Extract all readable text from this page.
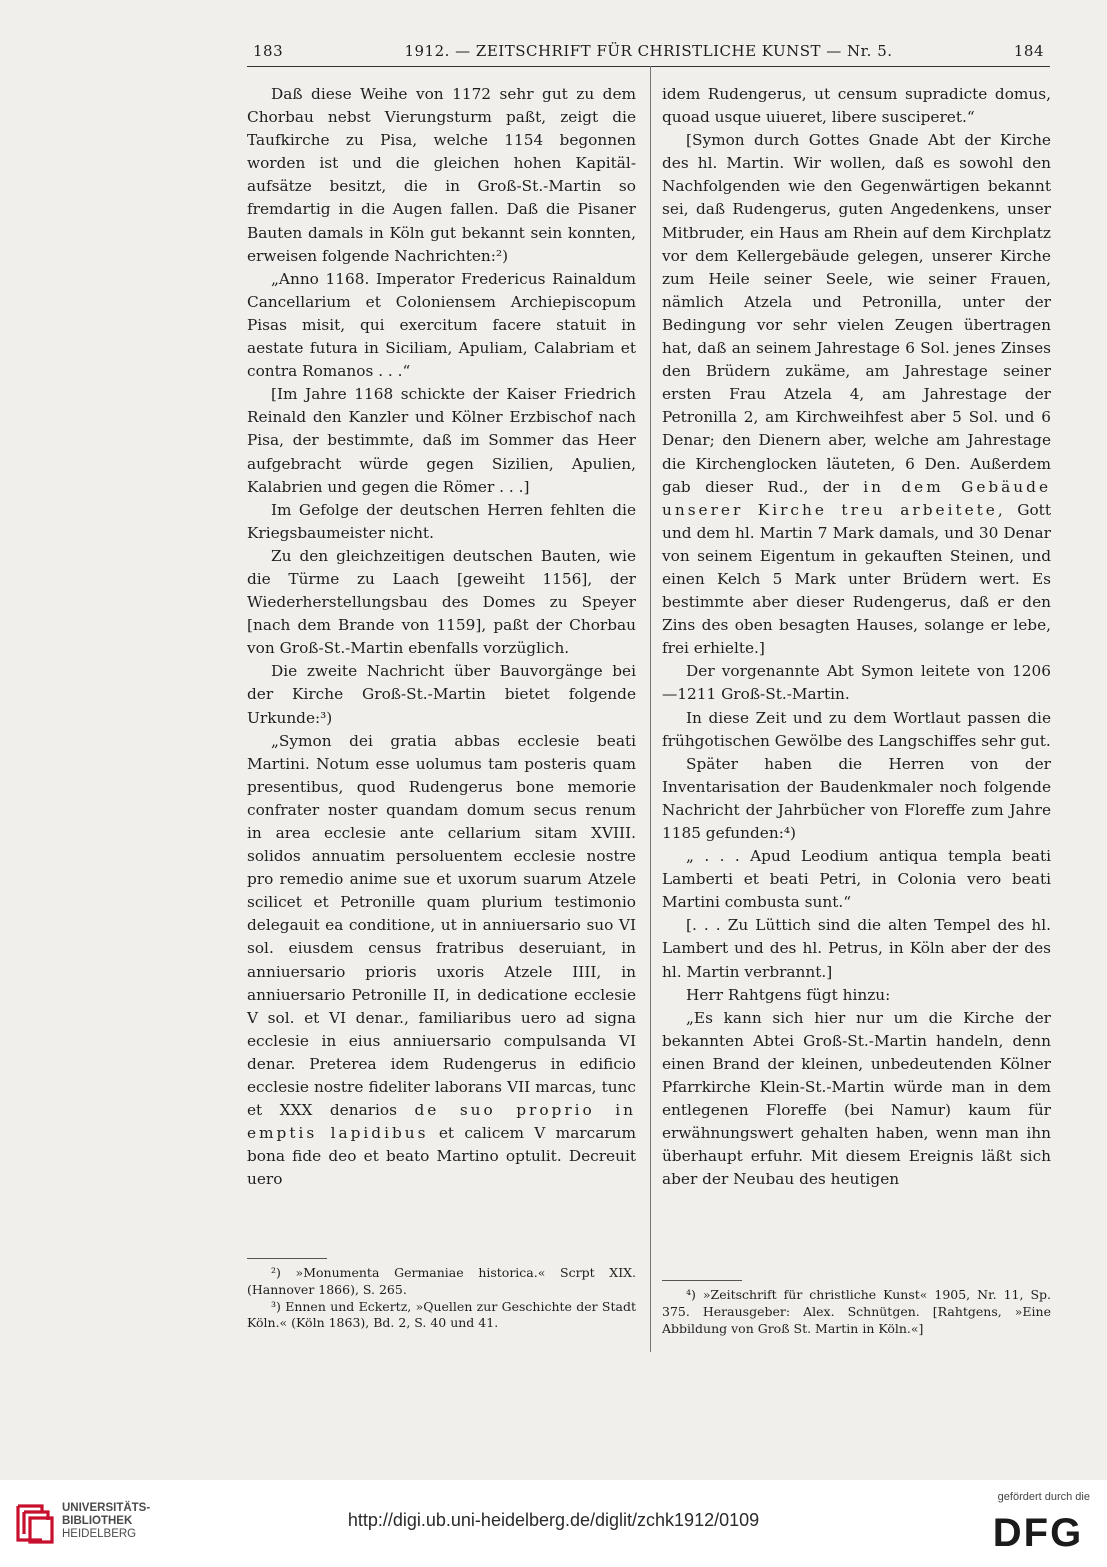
183	1912. — ZEITSCHRIFT FÜR CHRISTLICHE KUNST — Nr. 5.	184

Daß diese Weihe von 1172 sehr gut zu dem Chorbau nebst Vierungsturm paßt, zeigt die Taufkirche zu Pisa, welche 1154 begonnen worden ist und die gleichen hohen Kapitäl-aufsätze besitzt, die in Groß-St.-Martin so fremdartig in die Augen fallen. Daß die Pisaner Bauten damals in Köln gut bekannt sein konnten, erweisen folgende Nachrichten:²)

„Anno 1168. Imperator Fredericus Rainaldum Cancellarium et Coloniensem Archiepiscopum Pisas misit, qui exercitum facere statuit in aestate futura in Siciliam, Apuliam, Calabriam et contra Romanos . . .“

[Im Jahre 1168 schickte der Kaiser Friedrich Reinald den Kanzler und Kölner Erzbischof nach Pisa, der bestimmte, daß im Sommer das Heer aufgebracht würde gegen Sizilien, Apulien, Kalabrien und gegen die Römer . . .]

Im Gefolge der deutschen Herren fehlten die Kriegsbaumeister nicht.

Zu den gleichzeitigen deutschen Bauten, wie die Türme zu Laach [geweiht 1156], der Wiederherstellungsbau des Domes zu Speyer [nach dem Brande von 1159], paßt der Chorbau von Groß-St.-Martin ebenfalls vorzüglich.

Die zweite Nachricht über Bauvorgänge bei der Kirche Groß-St.-Martin bietet folgende Urkunde:³)

„Symon dei gratia abbas ecclesie beati Martini. Notum esse uolumus tam posteris quam presentibus, quod Rudengerus bone memorie confrater noster quandam domum secus renum in area ecclesie ante cellarium sitam XVIII. solidos annuatim persoluentem ecclesie nostre pro remedio anime sue et uxorum suarum Atzele scilicet et Petronille quam plurium testimonio delegauit ea conditione, ut in anniuersario suo VI sol. eiusdem census fratribus deseruiant, in anniuersario prioris uxoris Atzele IIII, in anniuersario Petronille II, in dedicatione ecclesie V sol. et VI denar., familiaribus uero ad signa ecclesie in eius anniuersario compulsanda VI denar. Preterea idem Rudengerus in edificio ecclesie nostre fideliter laborans VII marcas, tunc et XXX denarios de suo proprio in emptis lapidibus et calicem V marcarum bona fide deo et beato Martino optulit. Decreuit uero

²) »Monumenta Germaniae historica.« Scrpt XIX. (Hannover 1866), S. 265.

³) Ennen und Eckertz, »Quellen zur Geschichte der Stadt Köln.« (Köln 1863), Bd. 2, S. 40 und 41.

idem Rudengerus, ut censum supradicte domus, quoad usque uiueret, libere susciperet.“

[Symon durch Gottes Gnade Abt der Kirche des hl. Martin. Wir wollen, daß es sowohl den Nachfolgenden wie den Gegenwärtigen bekannt sei, daß Rudengerus, guten Angedenkens, unser Mitbruder, ein Haus am Rhein auf dem Kirchplatz vor dem Kellergebäude gelegen, unserer Kirche zum Heile seiner Seele, wie seiner Frauen, nämlich Atzela und Petronilla, unter der Bedingung vor sehr vielen Zeugen übertragen hat, daß an seinem Jahrestage 6 Sol. jenes Zinses den Brüdern zukäme, am Jahrestage seiner ersten Frau Atzela 4, am Jahrestage der Petronilla 2, am Kirchweihfest aber 5 Sol. und 6 Denar; den Dienern aber, welche am Jahrestage die Kirchenglocken läuteten, 6 Den. Außerdem gab dieser Rud., der in dem Gebäude unserer Kirche treu arbeitete, Gott und dem hl. Martin 7 Mark damals, und 30 Denar von seinem Eigentum in gekauften Steinen, und einen Kelch 5 Mark unter Brüdern wert. Es bestimmte aber dieser Rudengerus, daß er den Zins des oben besagten Hauses, solange er lebe, frei erhielte.]

Der vorgenannte Abt Symon leitete von 1206—1211 Groß-St.-Martin.

In diese Zeit und zu dem Wortlaut passen die frühgotischen Gewölbe des Langschiffes sehr gut.

Später haben die Herren von der Inventarisation der Baudenkmaler noch folgende Nachricht der Jahrbücher von Floreffe zum Jahre 1185 gefunden:⁴)

„ . . . Apud Leodium antiqua templa beati Lamberti et beati Petri, in Colonia vero beati Martini combusta sunt.“

[. . . Zu Lüttich sind die alten Tempel des hl. Lambert und des hl. Petrus, in Köln aber der des hl. Martin verbrannt.]

Herr Rahtgens fügt hinzu:

„Es kann sich hier nur um die Kirche der bekannten Abtei Groß-St.-Martin handeln, denn einen Brand der kleinen, unbedeutenden Kölner Pfarrkirche Klein-St.-Martin würde man in dem entlegenen Floreffe (bei Namur) kaum für erwähnungswert gehalten haben, wenn man ihn überhaupt erfuhr. Mit diesem Ereignis läßt sich aber der Neubau des heutigen

⁴) »Zeitschrift für christliche Kunst« 1905, Nr. 11, Sp. 375. Herausgeber: Alex. Schnütgen. [Rahtgens, »Eine Abbildung von Groß St. Martin in Köln.«]

UNIVERSITÄTS-
BIBLIOTHEK
HEIDELBERG
http://digi.ub.uni-heidelberg.de/diglit/zchk1912/0109
gefördert durch die
DFG
